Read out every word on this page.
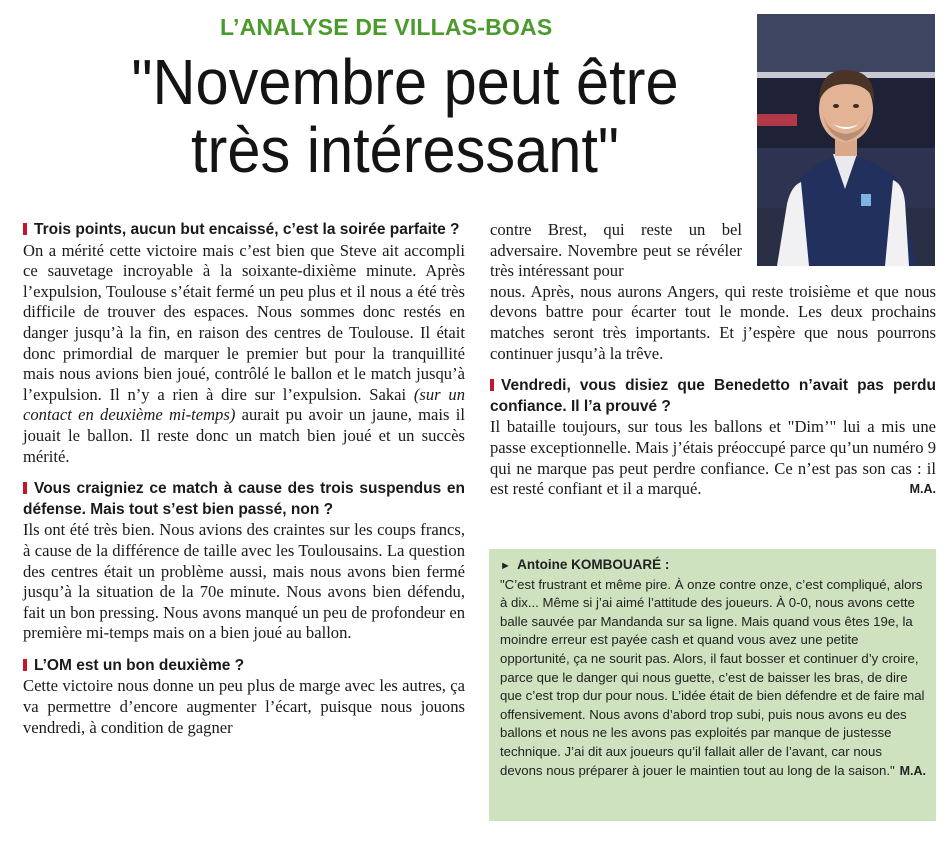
L’ANALYSE DE VILLAS-BOAS
"Novembre peut être
très intéressant"

Trois points, aucun but encaissé, c’est la soirée parfaite ?

On a mérité cette victoire mais c’est bien que Steve ait accompli ce sauvetage incroyable à la soixante-dixième minute. Après l’expulsion, Toulouse s’était fermé un peu plus et il nous a été très difficile de trouver des espaces. Nous sommes donc restés en danger jusqu’à la fin, en raison des centres de Toulouse. Il était donc primordial de marquer le premier but pour la tranquillité mais nous avions bien joué, contrôlé le ballon et le match jusqu’à l’expulsion. Il n’y a rien à dire sur l’expulsion. Sakai (sur un contact en deuxième mi-temps) aurait pu avoir un jaune, mais il jouait le ballon. Il reste donc un match bien joué et un succès mérité.

Vous craigniez ce match à cause des trois suspendus en défense. Mais tout s’est bien passé, non ?

Ils ont été très bien. Nous avions des craintes sur les coups francs, à cause de la différence de taille avec les Toulousains. La question des centres était un problème aussi, mais nous avons bien fermé jusqu’à la situation de la 70e minute. Nous avons bien défendu, fait un bon pressing. Nous avons manqué un peu de profondeur en première mi-temps mais on a bien joué au ballon.

L’OM est un bon deuxième ?

Cette victoire nous donne un peu plus de marge avec les autres, ça va permettre d’encore augmenter l’écart, puisque nous jouons vendredi, à condition de gagner

contre Brest, qui reste un bel adversaire. Novembre peut se révéler très intéressant pour

nous. Après, nous aurons Angers, qui reste troisième et que nous devons battre pour écarter tout le monde. Les deux prochains matches seront très importants. Et j’espère que nous pourrons continuer jusqu’à la trêve.

Vendredi, vous disiez que Benedetto n’avait pas perdu confiance. Il l’a prouvé ?

Il bataille toujours, sur tous les ballons et "Dim’" lui a mis une passe exceptionnelle. Mais j’étais préoccupé parce qu’un numéro 9 qui ne marque pas peut perdre confiance. Ce n’est pas son cas : il est resté confiant et il a marqué.	M.A.

► Antoine KOMBOUARÉ :
"C’est frustrant et même pire. À onze contre onze, c’est compliqué, alors à dix... Même si j’ai aimé l’attitude des joueurs. À 0-0, nous avons cette balle sauvée par Mandanda sur sa ligne. Mais quand vous êtes 19e, la moindre erreur est payée cash et quand vous avez une petite opportunité, ça ne sourit pas. Alors, il faut bosser et continuer d’y croire, parce que le danger qui nous guette, c’est de baisser les bras, de dire que c’est trop dur pour nous. L’idée était de bien défendre et de faire mal offensivement. Nous avons d’abord trop subi, puis nous avons eu des ballons et nous ne les avons pas exploités par manque de justesse technique. J’ai dit aux joueurs qu’il fallait aller de l’avant, car nous devons nous préparer à jouer le maintien tout au long de la saison." M.A.
